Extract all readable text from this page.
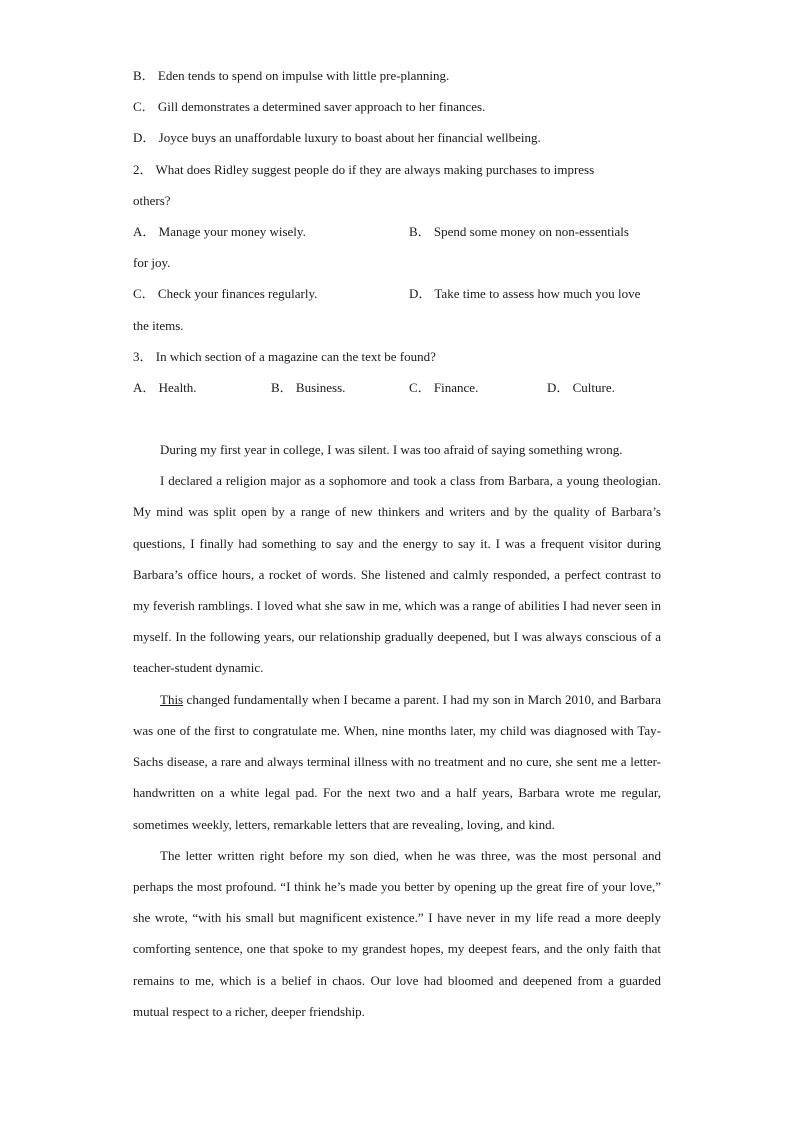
B． Eden tends to spend on impulse with little pre-planning.
C． Gill demonstrates a determined saver approach to her finances.
D． Joyce buys an unaffordable luxury to boast about her financial wellbeing.
2． What does Ridley suggest people do if they are always making purchases to impress
others?
A． Manage your money wisely.	B． Spend some money on non-essentials
for joy.
C． Check your finances regularly.	D． Take time to assess how much you love
the items.
3． In which section of a magazine can the text be found?
A． Health.	B． Business.	C． Finance.	D． Culture.

During my first year in college, I was silent. I was too afraid of saying something wrong.

I declared a religion major as a sophomore and took a class from Barbara, a young theologian. My mind was split open by a range of new thinkers and writers and by the quality of Barbara’s questions, I finally had something to say and the energy to say it. I was a frequent visitor during Barbara’s office hours, a rocket of words. She listened and calmly responded, a perfect contrast to my feverish ramblings. I loved what she saw in me, which was a range of abilities I had never seen in myself. In the following years, our relationship gradually deepened, but I was always conscious of a teacher-student dynamic.

This changed fundamentally when I became a parent. I had my son in March 2010, and Barbara was one of the first to congratulate me. When, nine months later, my child was diagnosed with Tay-Sachs disease, a rare and always terminal illness with no treatment and no cure, she sent me a letter-handwritten on a white legal pad. For the next two and a half years, Barbara wrote me regular, sometimes weekly, letters, remarkable letters that are revealing, loving, and kind.

The letter written right before my son died, when he was three, was the most personal and perhaps the most profound. “I think he’s made you better by opening up the great fire of your love,” she wrote, “with his small but magnificent existence.” I have never in my life read a more deeply comforting sentence, one that spoke to my grandest hopes, my deepest fears, and the only faith that remains to me, which is a belief in chaos. Our love had bloomed and deepened from a guarded mutual respect to a richer, deeper friendship.
